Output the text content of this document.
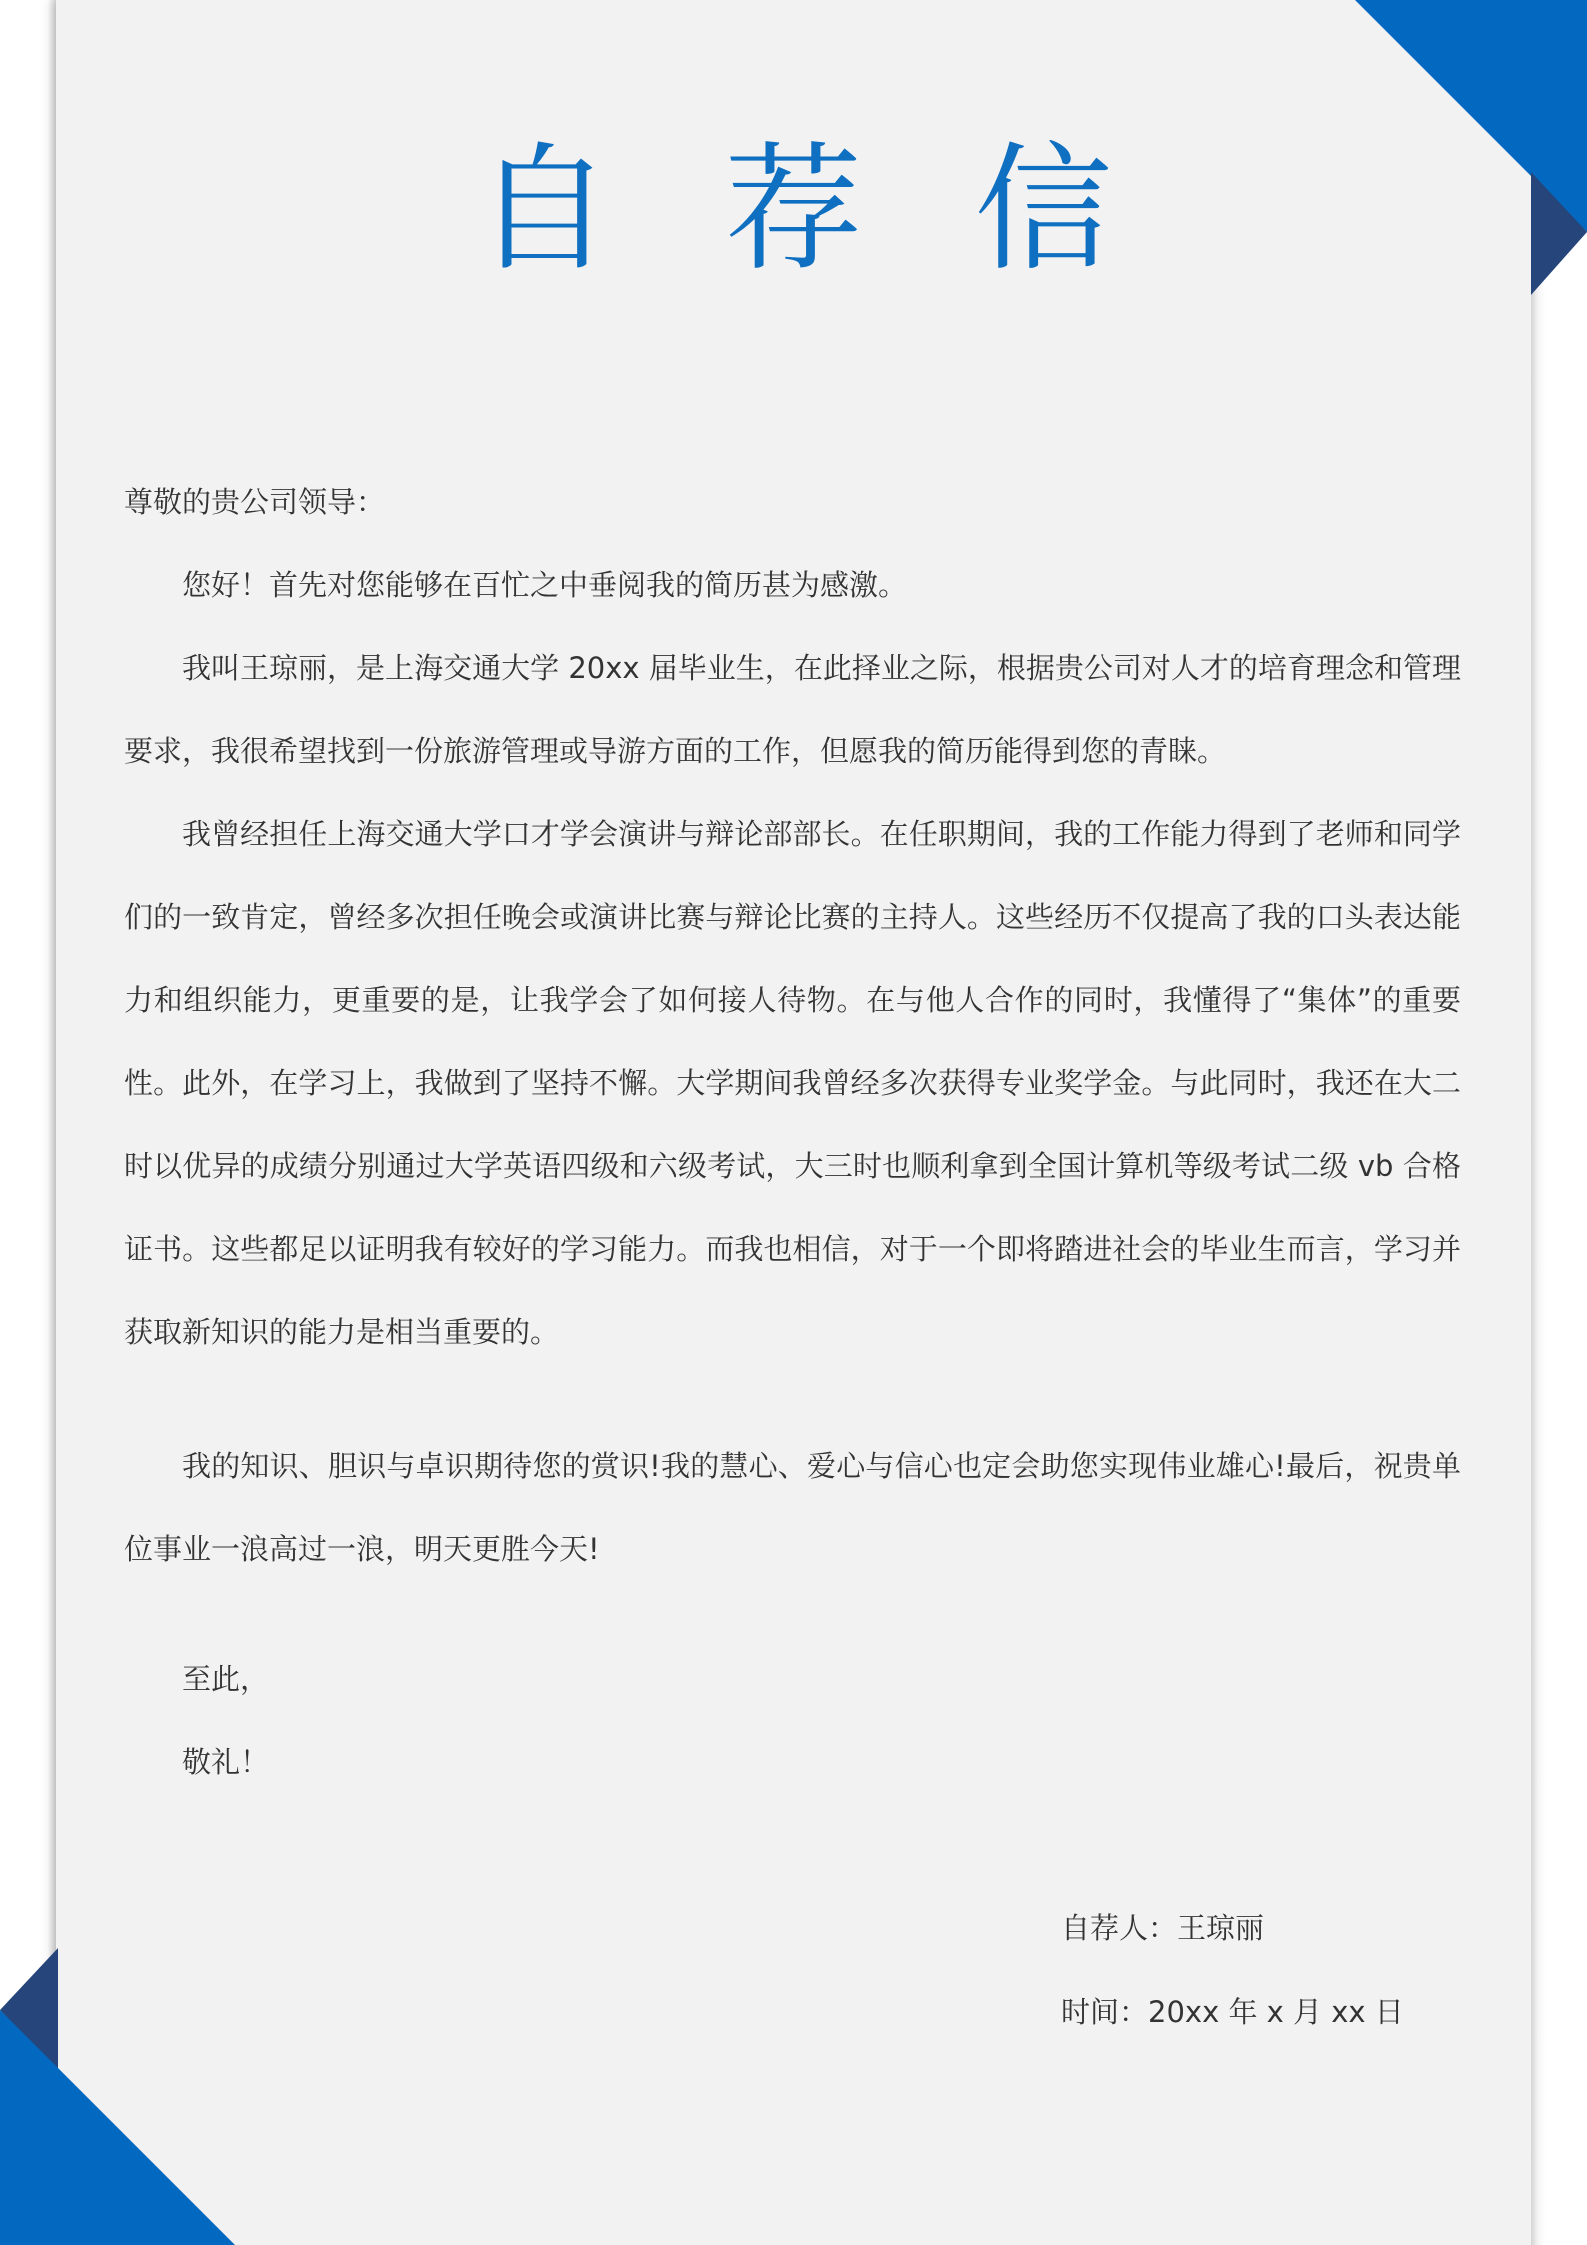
自 荐 信
尊敬的贵公司领导：
您好！首先对您能够在百忙之中垂阅我的简历甚为感激。
我叫王琼丽，是上海交通大学 20xx 届毕业生，在此择业之际，根据贵公司对人才的培育理念和管理要求，我很希望找到一份旅游管理或导游方面的工作，但愿我的简历能得到您的青睐。
我曾经担任上海交通大学口才学会演讲与辩论部部长。在任职期间，我的工作能力得到了老师和同学们的一致肯定，曾经多次担任晚会或演讲比赛与辩论比赛的主持人。这些经历不仅提高了我的口头表达能力和组织能力，更重要的是，让我学会了如何接人待物。在与他人合作的同时，我懂得了“集体”的重要性。此外，在学习上，我做到了坚持不懈。大学期间我曾经多次获得专业奖学金。与此同时，我还在大二时以优异的成绩分别通过大学英语四级和六级考试，大三时也顺利拿到全国计算机等级考试二级 vb 合格证书。这些都足以证明我有较好的学习能力。而我也相信，对于一个即将踏进社会的毕业生而言，学习并获取新知识的能力是相当重要的。
我的知识、胆识与卓识期待您的赏识!我的慧心、爱心与信心也定会助您实现伟业雄心!最后，祝贵单位事业一浪高过一浪，明天更胜今天!
至此，
敬礼！
自荐人：王琼丽
时间：20xx 年 x 月 xx 日
